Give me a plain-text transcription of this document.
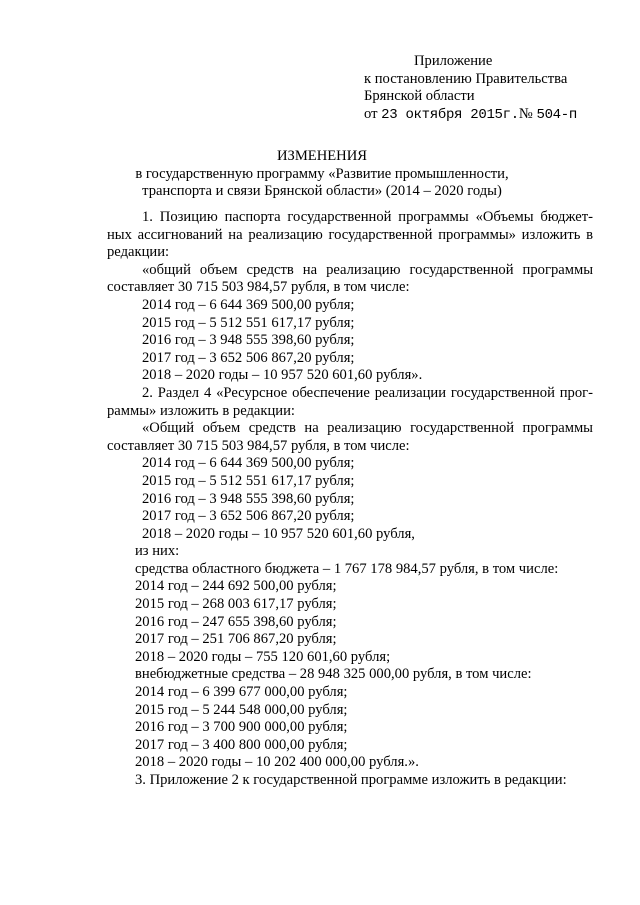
Приложение
к постановлению Правительства
Брянской области
от 23 октября 2015г.№ 504-п
ИЗМЕНЕНИЯ
в государственную программу «Развитие промышленности,
транспорта и связи Брянской области» (2014 – 2020 годы)
1. Позицию паспорта государственной программы «Объемы бюджет-
ных ассигнований на реализацию государственной программы» изложить в
редакции:
«общий объем средств на реализацию государственной программы
составляет 30 715 503 984,57 рубля, в том числе:
2014 год – 6 644 369 500,00 рубля;
2015 год – 5 512 551 617,17 рубля;
2016 год – 3 948 555 398,60 рубля;
2017 год – 3 652 506 867,20 рубля;
2018 – 2020 годы – 10 957 520 601,60 рубля».
2. Раздел 4 «Ресурсное обеспечение реализации государственной прог-
раммы» изложить в редакции:
«Общий объем средств на реализацию государственной программы
составляет 30 715 503 984,57 рубля, в том числе:
2014 год – 6 644 369 500,00 рубля;
2015 год – 5 512 551 617,17 рубля;
2016 год – 3 948 555 398,60 рубля;
2017 год – 3 652 506 867,20 рубля;
2018 – 2020 годы – 10 957 520 601,60 рубля,
из них:
средства областного бюджета – 1 767 178 984,57 рубля, в том числе:
2014 год – 244 692 500,00 рубля;
2015 год – 268 003 617,17 рубля;
2016 год – 247 655 398,60 рубля;
2017 год – 251 706 867,20 рубля;
2018 – 2020 годы – 755 120 601,60 рубля;
внебюджетные средства – 28 948 325 000,00 рубля, в том числе:
2014 год – 6 399 677 000,00 рубля;
2015 год – 5 244 548 000,00 рубля;
2016 год – 3 700 900 000,00 рубля;
2017 год – 3 400 800 000,00 рубля;
2018 – 2020 годы – 10 202 400 000,00 рубля.».
3. Приложение 2 к государственной программе изложить в редакции:
